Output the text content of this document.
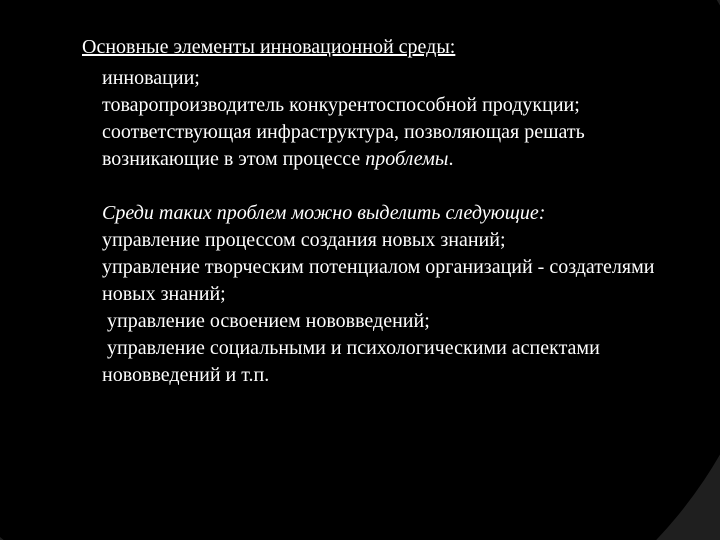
Основные элементы инновационной среды:

инновации;

товаропроизводитель конкурентоспособной продукции;

соответствующая инфраструктура, позволяющая решать возникающие в этом процессе проблемы.

Среди таких проблем можно выделить следующие:

управление процессом создания новых знаний;

управление творческим потенциалом организаций - создателями новых знаний;

управление освоением нововведений;

управление социальными и психологическими аспектами нововведений и т.п.
